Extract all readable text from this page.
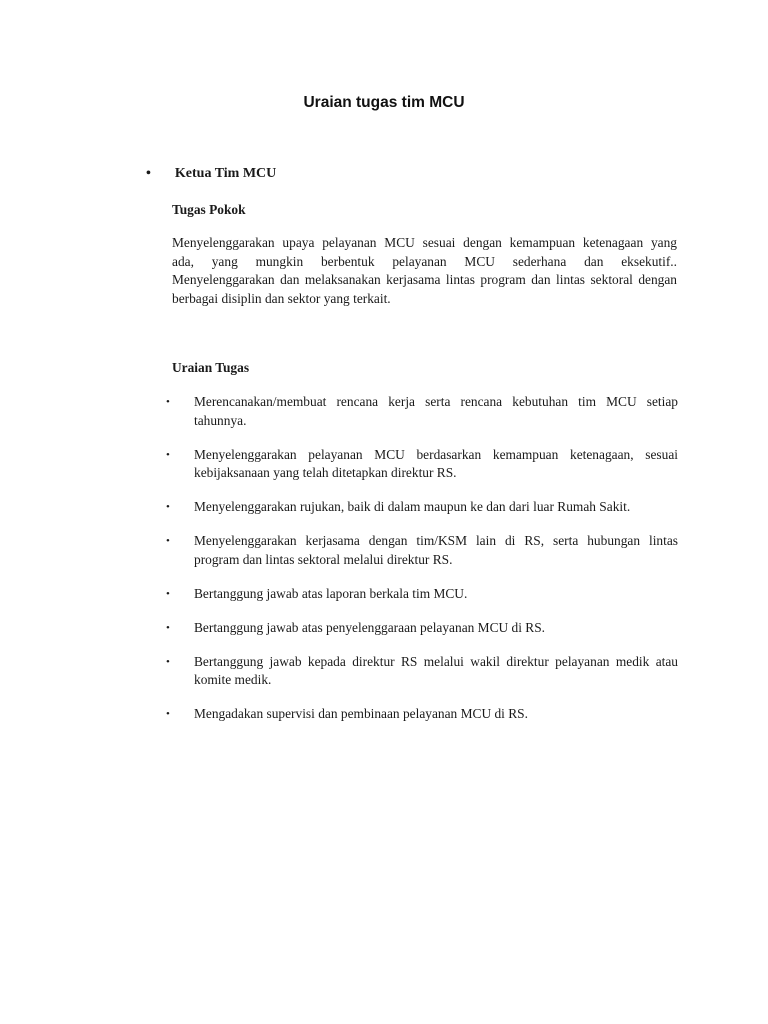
Uraian tugas tim MCU
• Ketua Tim MCU
Tugas Pokok

Menyelenggarakan upaya pelayanan MCU sesuai dengan kemampuan ketenagaan yang
ada, yang mungkin berbentuk pelayanan MCU sederhana dan eksekutif..
Menyelenggarakan dan melaksanakan kerjasama lintas program dan lintas sektoral dengan
berbagai disiplin dan sektor yang terkait.

Uraian Tugas
• Merencanakan/membuat rencana kerja serta rencana kebutuhan tim MCU setiap
tahunnya.
• Menyelenggarakan pelayanan MCU berdasarkan kemampuan ketenagaan, sesuai
kebijaksanaan yang telah ditetapkan direktur RS.
• Menyelenggarakan rujukan, baik di dalam maupun ke dan dari luar Rumah Sakit.
• Menyelenggarakan kerjasama dengan tim/KSM lain di RS, serta hubungan lintas
program dan lintas sektoral melalui direktur RS.
• Bertanggung jawab atas laporan berkala tim MCU.
• Bertanggung jawab atas penyelenggaraan pelayanan MCU di RS.
• Bertanggung jawab kepada direktur RS melalui wakil direktur pelayanan medik atau
komite medik.
• Mengadakan supervisi dan pembinaan pelayanan MCU di RS.
